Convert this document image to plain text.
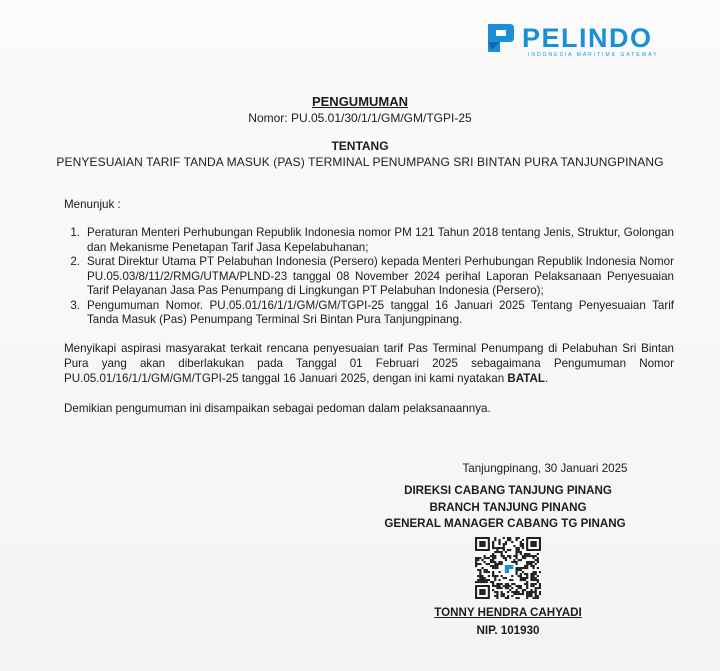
PELINDO
INDONESIA MARITIME GATEWAY
PENGUMUMAN
Nomor: PU.05.01/30/1/1/GM/GM/TGPI-25
TENTANG
PENYESUAIAN TARIF TANDA MASUK (PAS) TERMINAL PENUMPANG SRI BINTAN PURA TANJUNGPINANG
Menunjuk :
1. Peraturan Menteri Perhubungan Republik Indonesia nomor PM 121 Tahun 2018 tentang Jenis, Struktur, Golongan dan Mekanisme Penetapan Tarif Jasa Kepelabuhanan;
2. Surat Direktur Utama PT Pelabuhan Indonesia (Persero) kepada Menteri Perhubungan Republik Indonesia Nomor PU.05.03/8/11/2/RMG/UTMA/PLND-23 tanggal 08 November 2024 perihal Laporan Pelaksanaan Penyesuaian Tarif Pelayanan Jasa Pas Penumpang di Lingkungan PT Pelabuhan Indonesia (Persero);
3. Pengumuman Nomor. PU.05.01/16/1/1/GM/GM/TGPI-25 tanggal 16 Januari 2025 Tentang Penyesuaian Tarif Tanda Masuk (Pas) Penumpang Terminal Sri Bintan Pura Tanjungpinang.
Menyikapi aspirasi masyarakat terkait rencana penyesuaian tarif Pas Terminal Penumpang di Pelabuhan Sri Bintan Pura yang akan diberlakukan pada Tanggal 01 Februari 2025 sebagaimana Pengumuman Nomor PU.05.01/16/1/1/GM/GM/TGPI-25 tanggal 16 Januari 2025, dengan ini kami nyatakan BATAL.
Demikian pengumuman ini disampaikan sebagai pedoman dalam pelaksanaannya.
Tanjungpinang, 30 Januari 2025
DIREKSI CABANG TANJUNG PINANG
BRANCH TANJUNG PINANG
GENERAL MANAGER CABANG TG PINANG
TONNY HENDRA CAHYADI
NIP. 101930
